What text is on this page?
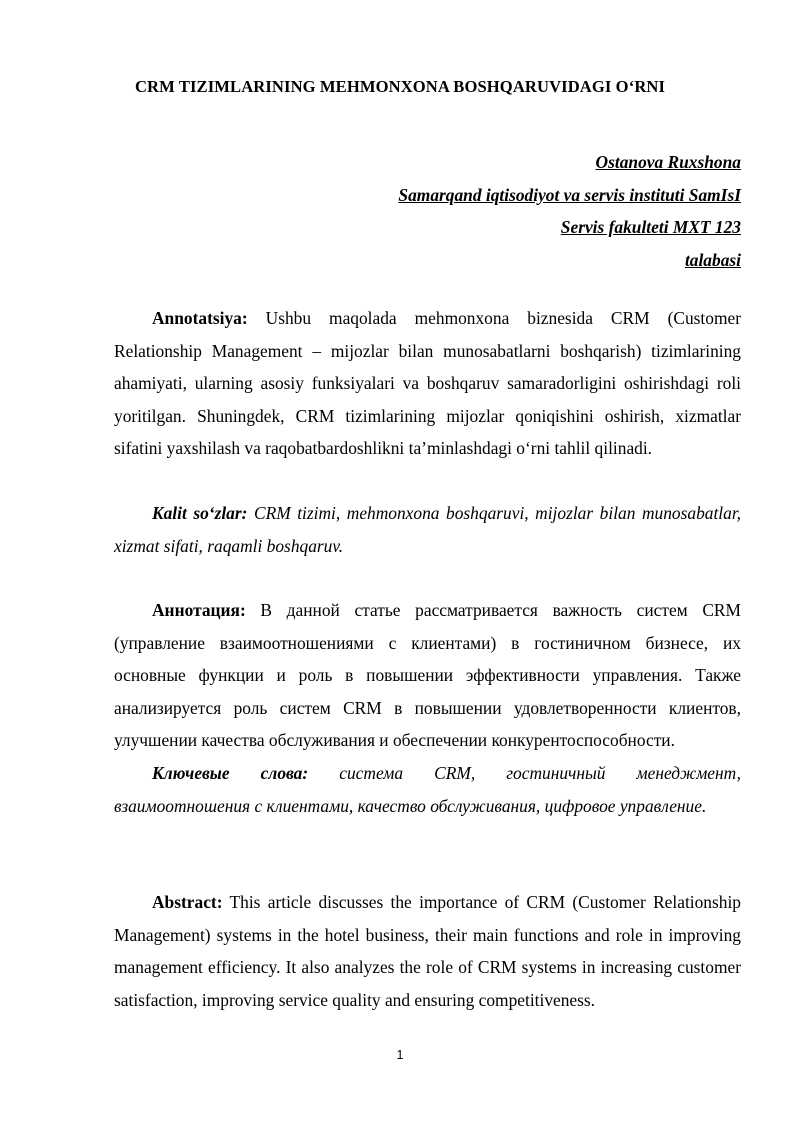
CRM TIZIMLARINING MEHMONXONA BOSHQARUVIDAGI O‘RNI
Ostanova Ruxshona
Samarqand iqtisodiyot va servis instituti SamIsI
Servis fakulteti MXT 123
talabasi
Annotatsiya: Ushbu maqolada mehmonxona biznesida CRM (Customer Relationship Management – mijozlar bilan munosabatlarni boshqarish) tizimlarining ahamiyati, ularning asosiy funksiyalari va boshqaruv samaradorligini oshirishdagi roli yoritilgan. Shuningdek, CRM tizimlarining mijozlar qoniqishini oshirish, xizmatlar sifatini yaxshilash va raqobatbardoshlikni ta’minlashdagi o‘rni tahlil qilinadi.
Kalit so‘zlar: CRM tizimi, mehmonxona boshqaruvi, mijozlar bilan munosabatlar, xizmat sifati, raqamli boshqaruv.
Аннотация: В данной статье рассматривается важность систем CRM (управление взаимоотношениями с клиентами) в гостиничном бизнесе, их основные функции и роль в повышении эффективности управления. Также анализируется роль систем CRM в повышении удовлетворенности клиентов, улучшении качества обслуживания и обеспечении конкурентоспособности.
Ключевые слова: система CRM, гостиничный менеджмент, взаимоотношения с клиентами, качество обслуживания, цифровое управление.
Abstract: This article discusses the importance of CRM (Customer Relationship Management) systems in the hotel business, their main functions and role in improving management efficiency. It also analyzes the role of CRM systems in increasing customer satisfaction, improving service quality and ensuring competitiveness.
1
